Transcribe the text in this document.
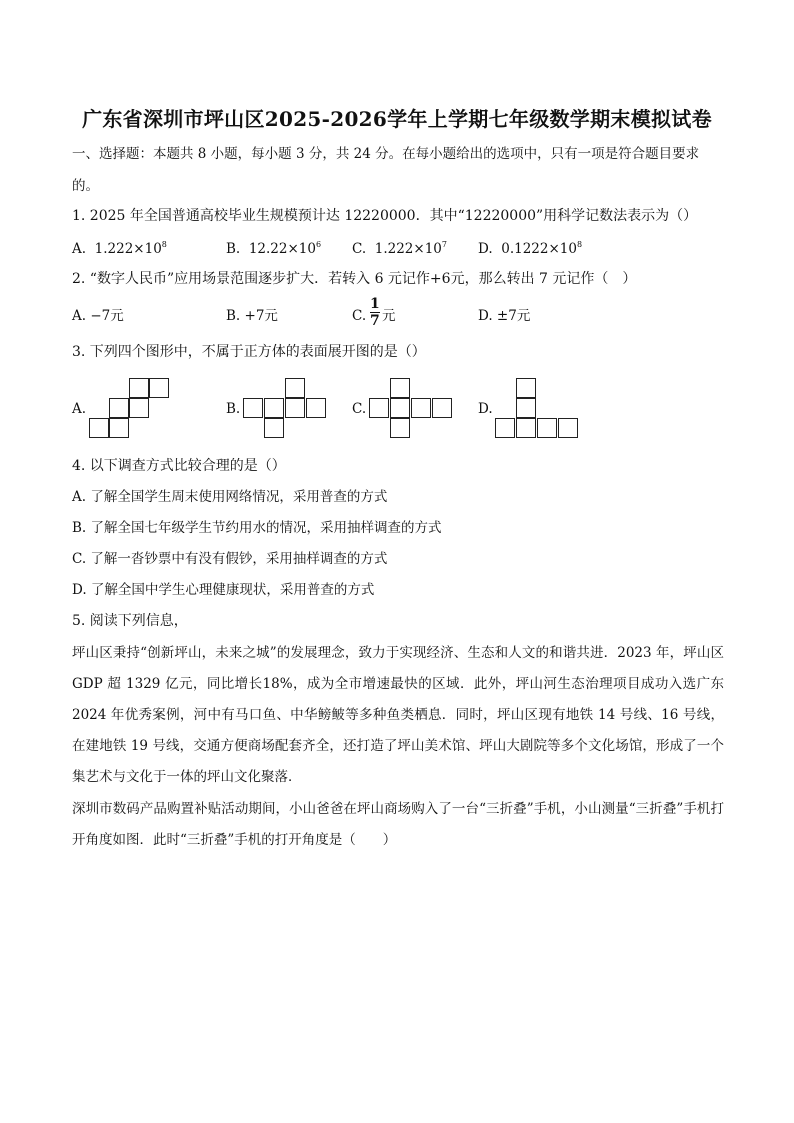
广东省深圳市坪山区2025-2026学年上学期七年级数学期末模拟试卷
一、选择题：本题共 8 小题，每小题 3 分，共 24 分。在每小题给出的选项中，只有一项是符合题目要求
的。
1. 2025 年全国普通高校毕业生规模预计达 12220000．其中“12220000”用科学记数法表示为（）
A. $1.222\times 10^8$	B. $12.22\times 10^6$ C. $1.222\times 10^7$ D. $0.1222\times 10^8$
2. “数字人民币”应用场景范围逐步扩大．若转入 6 元记作+6元，那么转出 7 元记作（　）
A. −7元	B. +7元	C.
1
7 元	D. ±7元
3. 下列四个图形中，不属于正方体的表面展开图的是（）
A.	B.	C.	D.
4. 以下调查方式比较合理的是（）
A. 了解全国学生周末使用网络情况，采用普查的方式
B. 了解全国七年级学生节约用水的情况，采用抽样调查的方式
C. 了解一沓钞票中有没有假钞，采用抽样调查的方式
D. 了解全国中学生心理健康现状，采用普查的方式
5. 阅读下列信息，
坪山区秉持“创新坪山，未来之城”的发展理念，致力于实现经济、生态和人文的和谐共进．2023 年，坪山区 GDP 超 1329 亿元，同比增长18%，成为全市增速最快的区域．此外，坪山河生态治理项目成功入选广东 2024 年优秀案例，河中有马口鱼、中华鳑鲏等多种鱼类栖息．同时，坪山区现有地铁 14 号线、16 号线，在建地铁 19 号线，交通方便商场配套齐全，还打造了坪山美术馆、坪山大剧院等多个文化场馆，形成了一个集艺术与文化于一体的坪山文化聚落．
深圳市数码产品购置补贴活动期间，小山爸爸在坪山商场购入了一台“三折叠”手机，小山测量“三折叠”手机打开角度如图．此时“三折叠”手机的打开角度是（　　）
